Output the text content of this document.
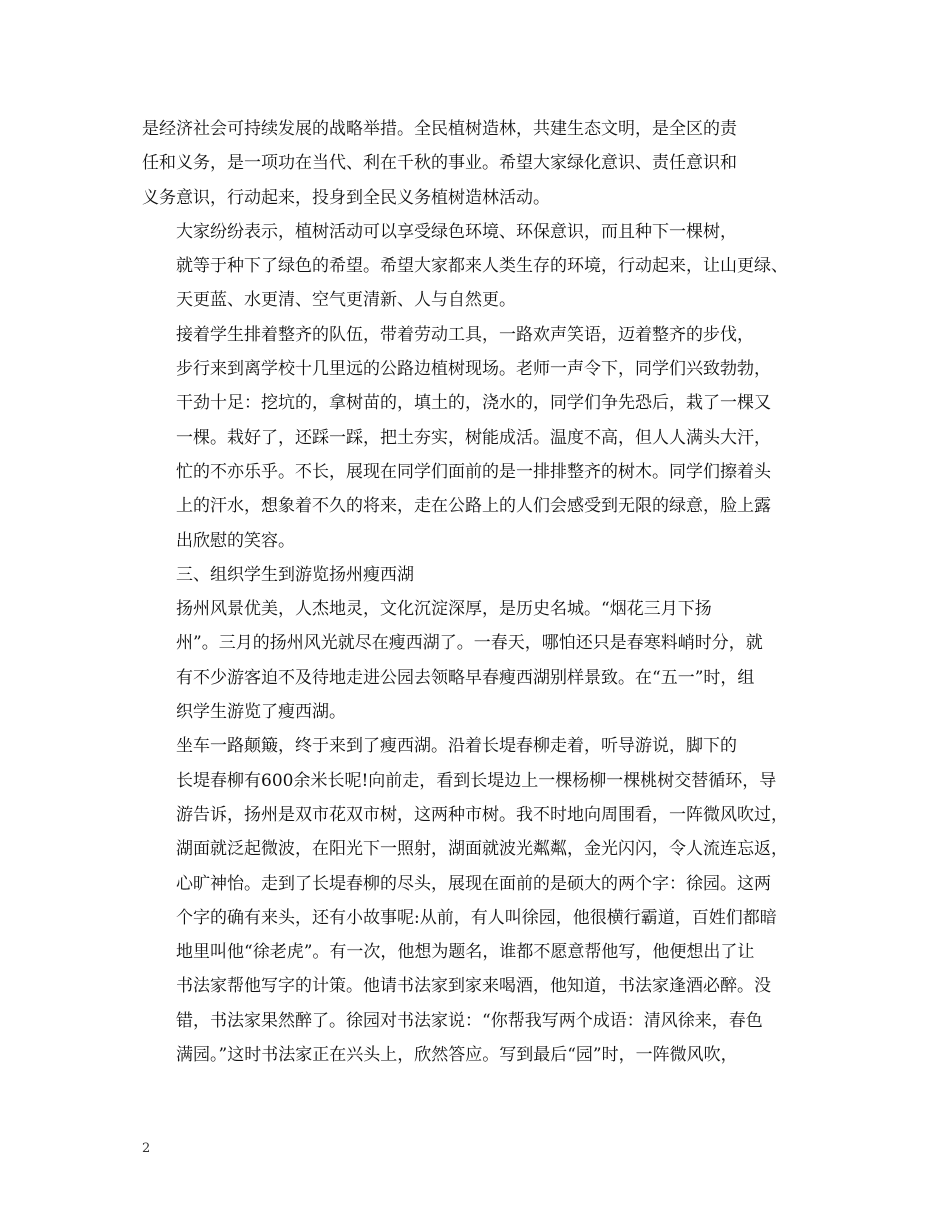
是经济社会可持续发展的战略举措。全民植树造林，共建生态文明，是全区的责
任和义务，是一项功在当代、利在千秋的事业。希望大家绿化意识、责任意识和
义务意识，行动起来，投身到全民义务植树造林活动。

大家纷纷表示，植树活动可以享受绿色环境、环保意识，而且种下一棵树，
就等于种下了绿色的希望。希望大家都来人类生存的环境，行动起来，让山更绿、
天更蓝、水更清、空气更清新、人与自然更。

接着学生排着整齐的队伍，带着劳动工具，一路欢声笑语，迈着整齐的步伐，
步行来到离学校十几里远的公路边植树现场。老师一声令下，同学们兴致勃勃，
干劲十足：挖坑的，拿树苗的，填土的，浇水的，同学们争先恐后，栽了一棵又
一棵。栽好了，还踩一踩，把土夯实，树能成活。温度不高，但人人满头大汗，
忙的不亦乐乎。不长，展现在同学们面前的是一排排整齐的树木。同学们擦着头
上的汗水，想象着不久的将来，走在公路上的人们会感受到无限的绿意，脸上露
出欣慰的笑容。

三、组织学生到游览扬州瘦西湖

扬州风景优美，人杰地灵，文化沉淀深厚，是历史名城。“烟花三月下扬
州”。三月的扬州风光就尽在瘦西湖了。一春天，哪怕还只是春寒料峭时分，就
有不少游客迫不及待地走进公园去领略早春瘦西湖别样景致。在“五一”时，组
织学生游览了瘦西湖。

坐车一路颠簸，终于来到了瘦西湖。沿着长堤春柳走着，听导游说，脚下的
长堤春柳有600余米长呢!向前走，看到长堤边上一棵杨柳一棵桃树交替循环，导
游告诉，扬州是双市花双市树，这两种市树。我不时地向周围看，一阵微风吹过，
湖面就泛起微波，在阳光下一照射，湖面就波光粼粼，金光闪闪，令人流连忘返，
心旷神怡。走到了长堤春柳的尽头，展现在面前的是硕大的两个字：徐园。这两
个字的确有来头，还有小故事呢:从前，有人叫徐园，他很横行霸道，百姓们都暗
地里叫他“徐老虎”。有一次，他想为题名，谁都不愿意帮他写，他便想出了让
书法家帮他写字的计策。他请书法家到家来喝酒，他知道，书法家逢酒必醉。没
错，书法家果然醉了。徐园对书法家说：“你帮我写两个成语：清风徐来，春色
满园。”这时书法家正在兴头上，欣然答应。写到最后“园”时，一阵微风吹，

2
